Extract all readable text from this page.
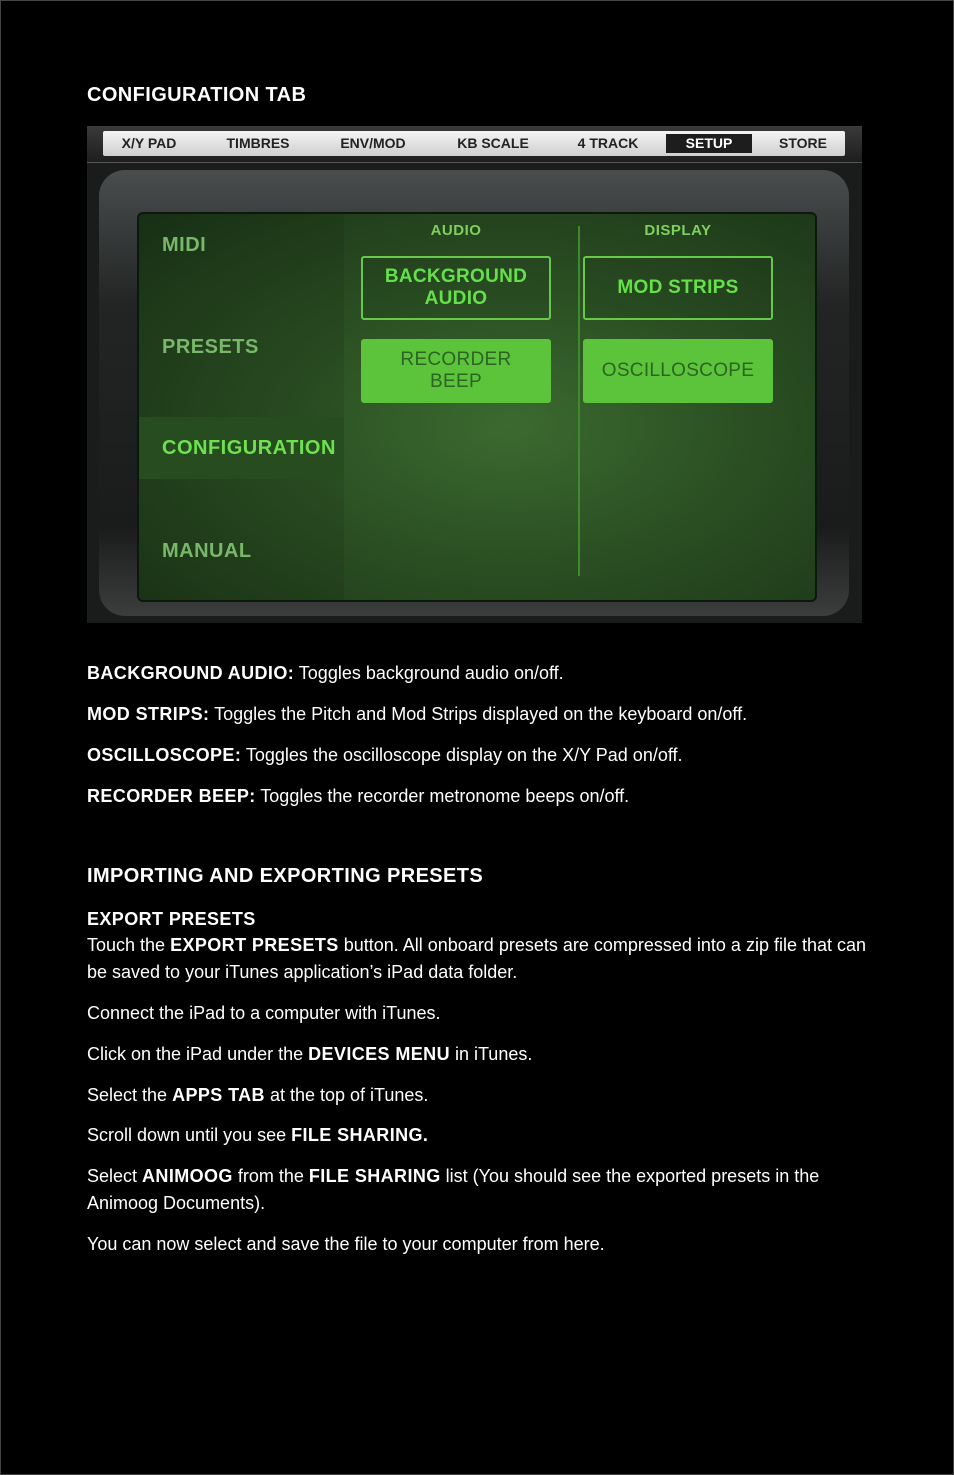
CONFIGURATION TAB
X/Y PAD	TIMBRES	ENV/MOD	KB SCALE	4 TRACK	SETUP	STORE
MIDI
PRESETS
CONFIGURATION
MANUAL
AUDIO	DISPLAY
BACKGROUND
AUDIO
RECORDER
BEEP
MOD STRIPS
OSCILLOSCOPE

BACKGROUND AUDIO: Toggles background audio on/off.

MOD STRIPS: Toggles the Pitch and Mod Strips displayed on the keyboard on/off.

OSCILLOSCOPE: Toggles the oscilloscope display on the X/Y Pad on/off.

RECORDER BEEP: Toggles the recorder metronome beeps on/off.

IMPORTING AND EXPORTING PRESETS
EXPORT PRESETS

Touch the EXPORT PRESETS button. All onboard presets are compressed into a zip file that can be saved to your iTunes application’s iPad data folder.

Connect the iPad to a computer with iTunes.

Click on the iPad under the DEVICES MENU in iTunes.

Select the APPS TAB at the top of iTunes.

Scroll down until you see FILE SHARING.

Select ANIMOOG from the FILE SHARING list (You should see the exported presets in the Animoog Documents).

You can now select and save the file to your computer from here.
